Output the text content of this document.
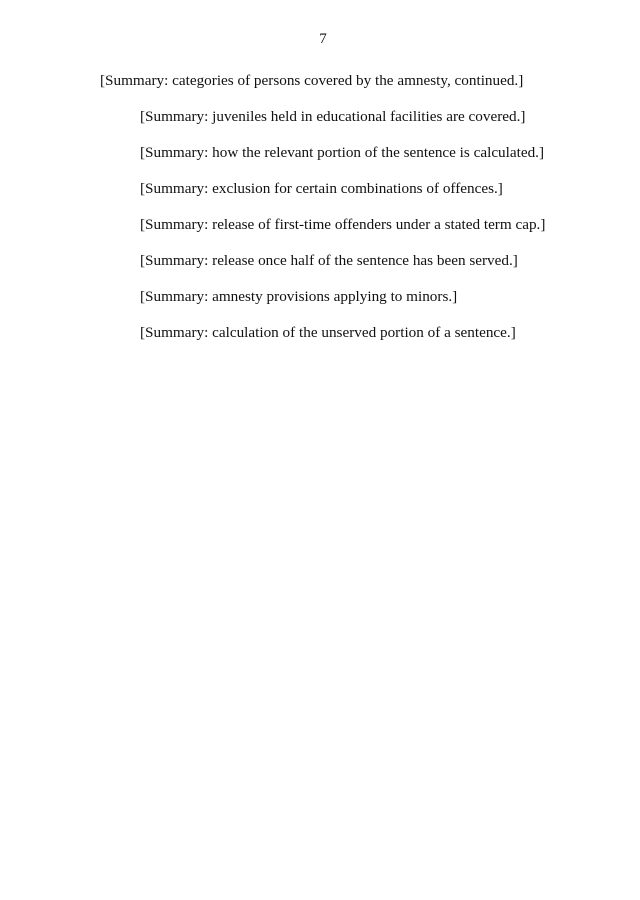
7

[Summary: categories of persons covered by the amnesty, continued.]

[Summary: juveniles held in educational facilities are covered.]

[Summary: how the relevant portion of the sentence is calculated.]

[Summary: exclusion for certain combinations of offences.]

[Summary: release of first-time offenders under a stated term cap.]

[Summary: release once half of the sentence has been served.]

[Summary: amnesty provisions applying to minors.]

[Summary: calculation of the unserved portion of a sentence.]
